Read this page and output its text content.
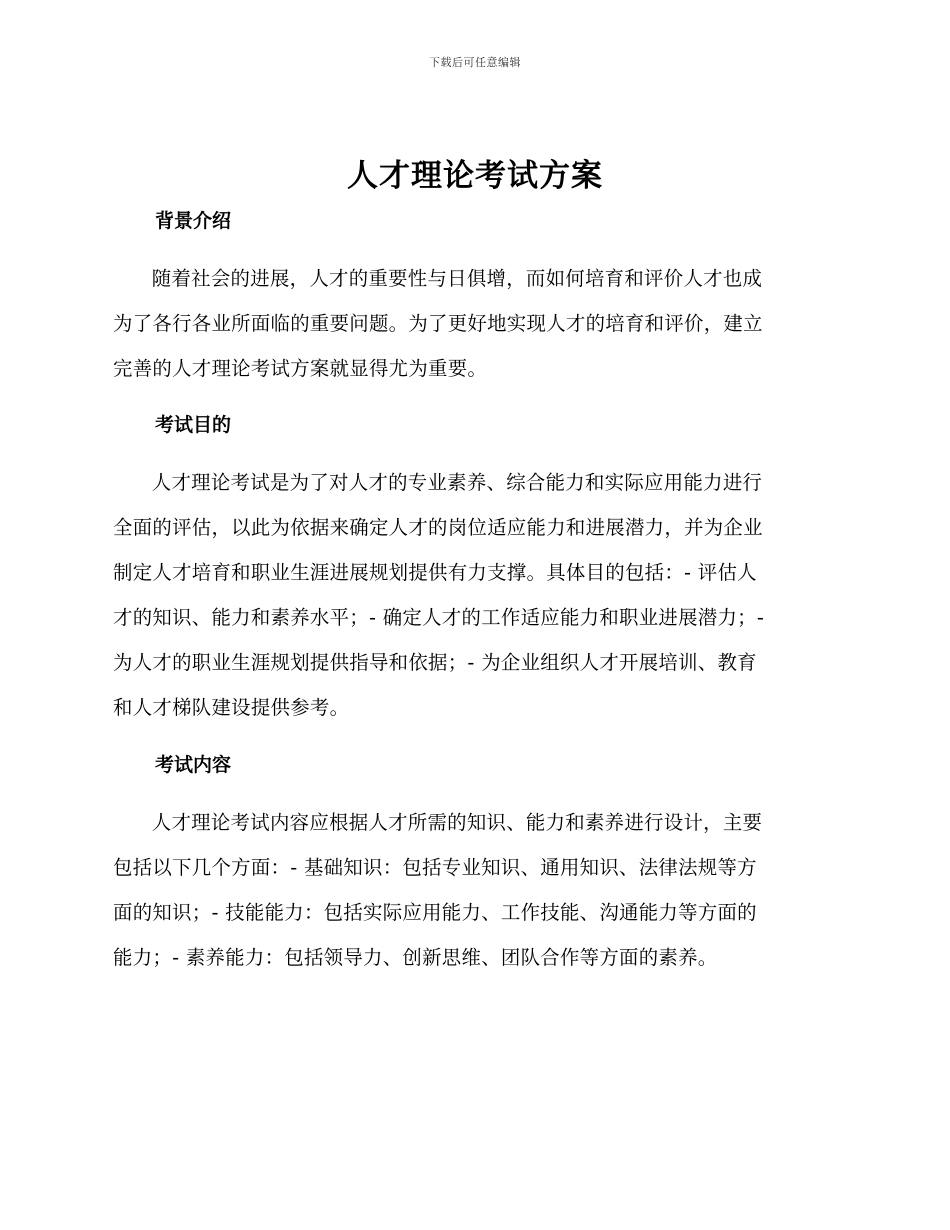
下载后可任意编辑
人才理论考试方案
背景介绍
随着社会的进展，人才的重要性与日俱增，而如何培育和评价人才也成
为了各行各业所面临的重要问题。为了更好地实现人才的培育和评价，建立
完善的人才理论考试方案就显得尤为重要。
考试目的
人才理论考试是为了对人才的专业素养、综合能力和实际应用能力进行
全面的评估，以此为依据来确定人才的岗位适应能力和进展潜力，并为企业
制定人才培育和职业生涯进展规划提供有力支撑。具体目的包括：- 评估人
才的知识、能力和素养水平；- 确定人才的工作适应能力和职业进展潜力；-
为人才的职业生涯规划提供指导和依据；- 为企业组织人才开展培训、教育
和人才梯队建设提供参考。
考试内容
人才理论考试内容应根据人才所需的知识、能力和素养进行设计，主要
包括以下几个方面：- 基础知识：包括专业知识、通用知识、法律法规等方
面的知识；- 技能能力：包括实际应用能力、工作技能、沟通能力等方面的
能力；- 素养能力：包括领导力、创新思维、团队合作等方面的素养。
